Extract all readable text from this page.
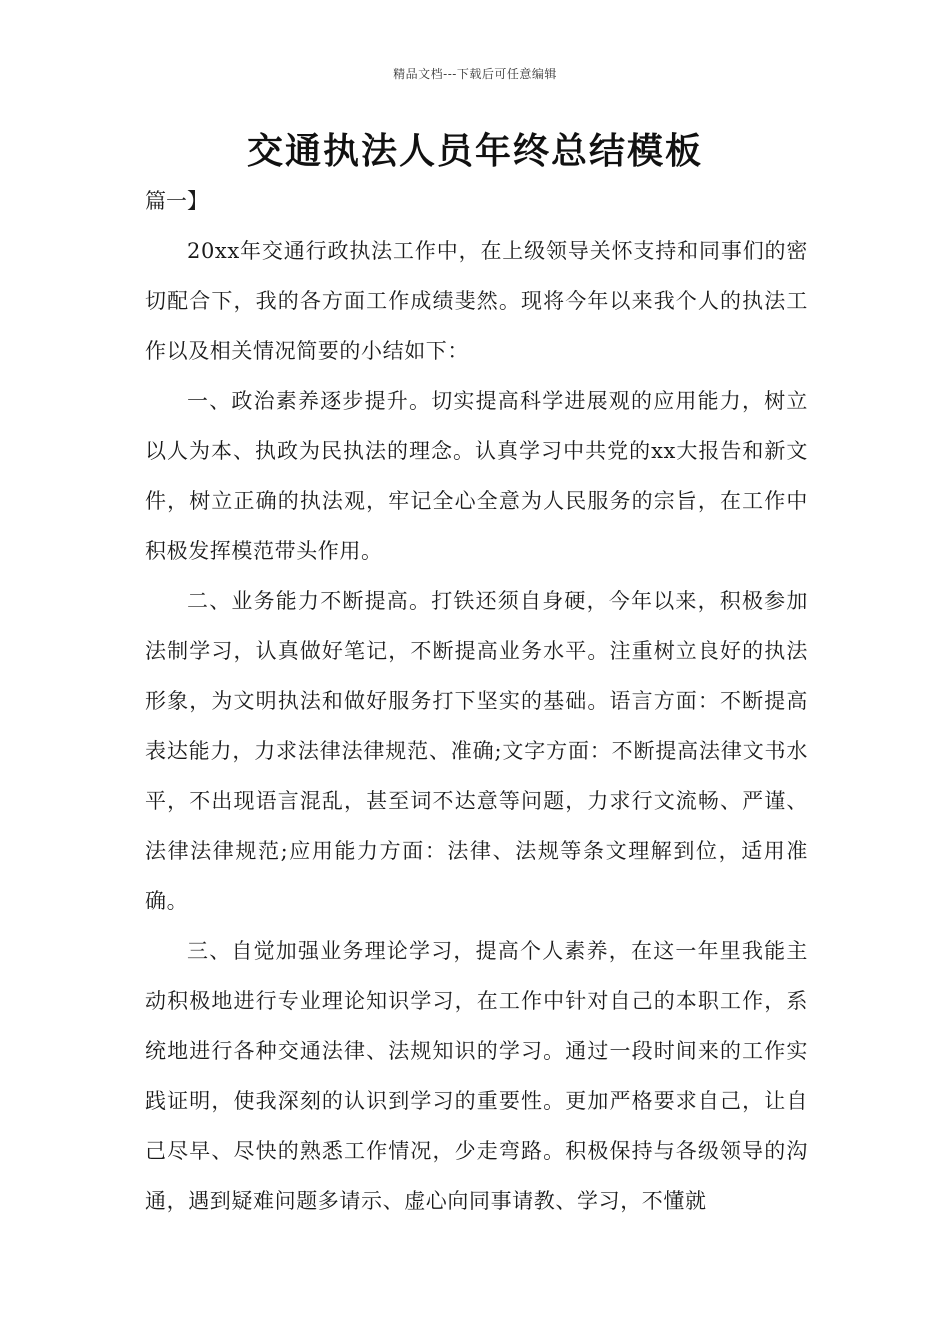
精品文档---下载后可任意编辑
交通执法人员年终总结模板
篇一】

20xx年交通行政执法工作中，在上级领导关怀支持和同事们的密切配合下，我的各方面工作成绩斐然。现将今年以来我个人的执法工作以及相关情况简要的小结如下：

一、政治素养逐步提升。切实提高科学进展观的应用能力，树立以人为本、执政为民执法的理念。认真学习中共党的xx大报告和新文件，树立正确的执法观，牢记全心全意为人民服务的宗旨，在工作中积极发挥模范带头作用。

二、业务能力不断提高。打铁还须自身硬，今年以来，积极参加法制学习，认真做好笔记，不断提高业务水平。注重树立良好的执法形象，为文明执法和做好服务打下坚实的基础。语言方面：不断提高表达能力，力求法律法律规范、准确;文字方面：不断提高法律文书水平，不出现语言混乱，甚至词不达意等问题，力求行文流畅、严谨、法律法律规范;应用能力方面：法律、法规等条文理解到位，适用准确。

三、自觉加强业务理论学习，提高个人素养，在这一年里我能主动积极地进行专业理论知识学习，在工作中针对自己的本职工作，系统地进行各种交通法律、法规知识的学习。通过一段时间来的工作实践证明，使我深刻的认识到学习的重要性。更加严格要求自己，让自己尽早、尽快的熟悉工作情况，少走弯路。积极保持与各级领导的沟通，遇到疑难问题多请示、虚心向同事请教、学习，不懂就
